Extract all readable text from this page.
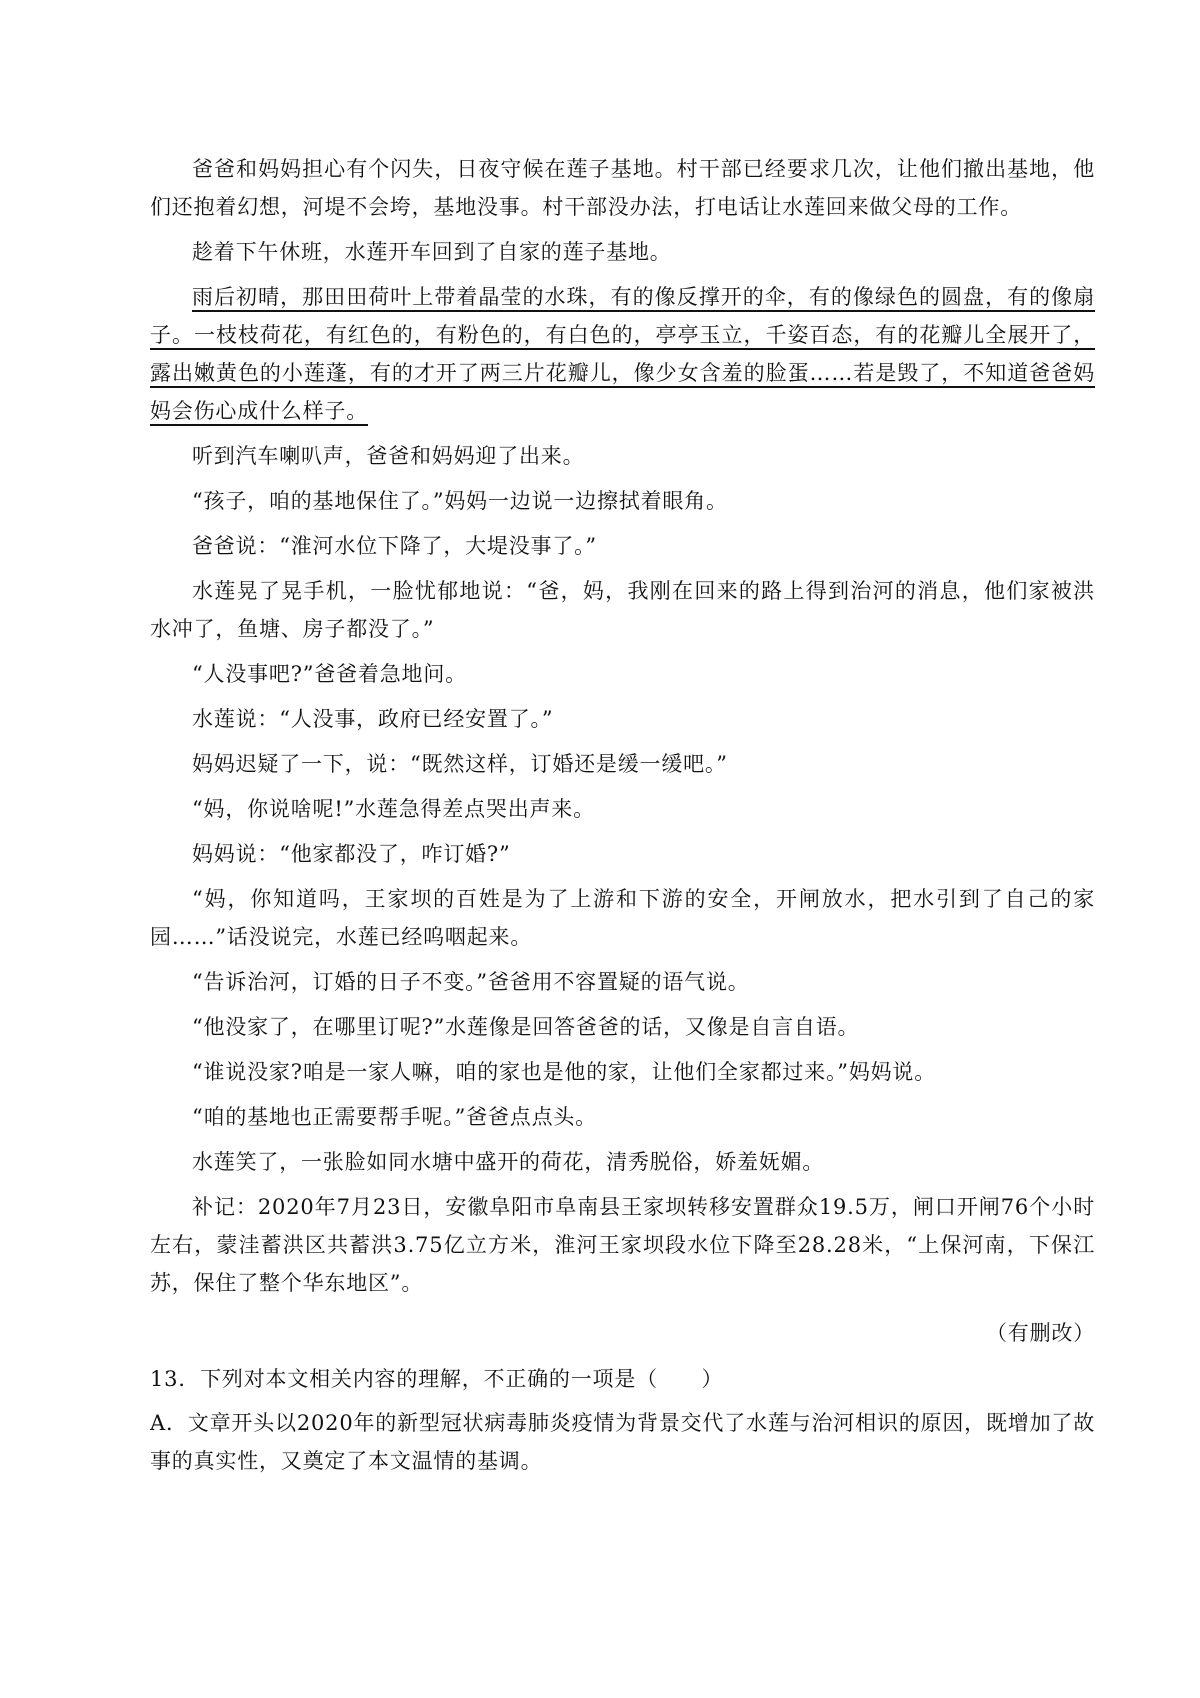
爸爸和妈妈担心有个闪失，日夜守候在莲子基地。村干部已经要求几次，让他们撤出基地，他们还抱着幻想，河堤不会垮，基地没事。村干部没办法，打电话让水莲回来做父母的工作。

趁着下午休班，水莲开车回到了自家的莲子基地。

雨后初晴，那田田荷叶上带着晶莹的水珠，有的像反撑开的伞，有的像绿色的圆盘，有的像扇子。一枝枝荷花，有红色的，有粉色的，有白色的，亭亭玉立，千姿百态，有的花瓣儿全展开了，露出嫩黄色的小莲蓬，有的才开了两三片花瓣儿，像少女含羞的脸蛋……若是毁了，不知道爸爸妈妈会伤心成什么样子。

听到汽车喇叭声，爸爸和妈妈迎了出来。

“孩子，咱的基地保住了。”妈妈一边说一边擦拭着眼角。

爸爸说：“淮河水位下降了，大堤没事了。”

水莲晃了晃手机，一脸忧郁地说：“爸，妈，我刚在回来的路上得到治河的消息，他们家被洪水冲了，鱼塘、房子都没了。”

“人没事吧?”爸爸着急地问。

水莲说：“人没事，政府已经安置了。”

妈妈迟疑了一下，说：“既然这样，订婚还是缓一缓吧。”

“妈，你说啥呢!”水莲急得差点哭出声来。

妈妈说：“他家都没了，咋订婚?”

“妈，你知道吗，王家坝的百姓是为了上游和下游的安全，开闸放水，把水引到了自己的家园……”话没说完，水莲已经呜咽起来。

“告诉治河，订婚的日子不变。”爸爸用不容置疑的语气说。

“他没家了，在哪里订呢?”水莲像是回答爸爸的话，又像是自言自语。

“谁说没家?咱是一家人嘛，咱的家也是他的家，让他们全家都过来。”妈妈说。

“咱的基地也正需要帮手呢。”爸爸点点头。

水莲笑了，一张脸如同水塘中盛开的荷花，清秀脱俗，娇羞妩媚。

补记：2020年7月23日，安徽阜阳市阜南县王家坝转移安置群众19.5万，闸口开闸76个小时左右，蒙洼蓄洪区共蓄洪3.75亿立方米，淮河王家坝段水位下降至28.28米，“上保河南，下保江苏，保住了整个华东地区”。

（有删改）
13．下列对本文相关内容的理解，不正确的一项是（　　）
A．文章开头以2020年的新型冠状病毒肺炎疫情为背景交代了水莲与治河相识的原因，既增加了故事的真实性，又奠定了本文温情的基调。
